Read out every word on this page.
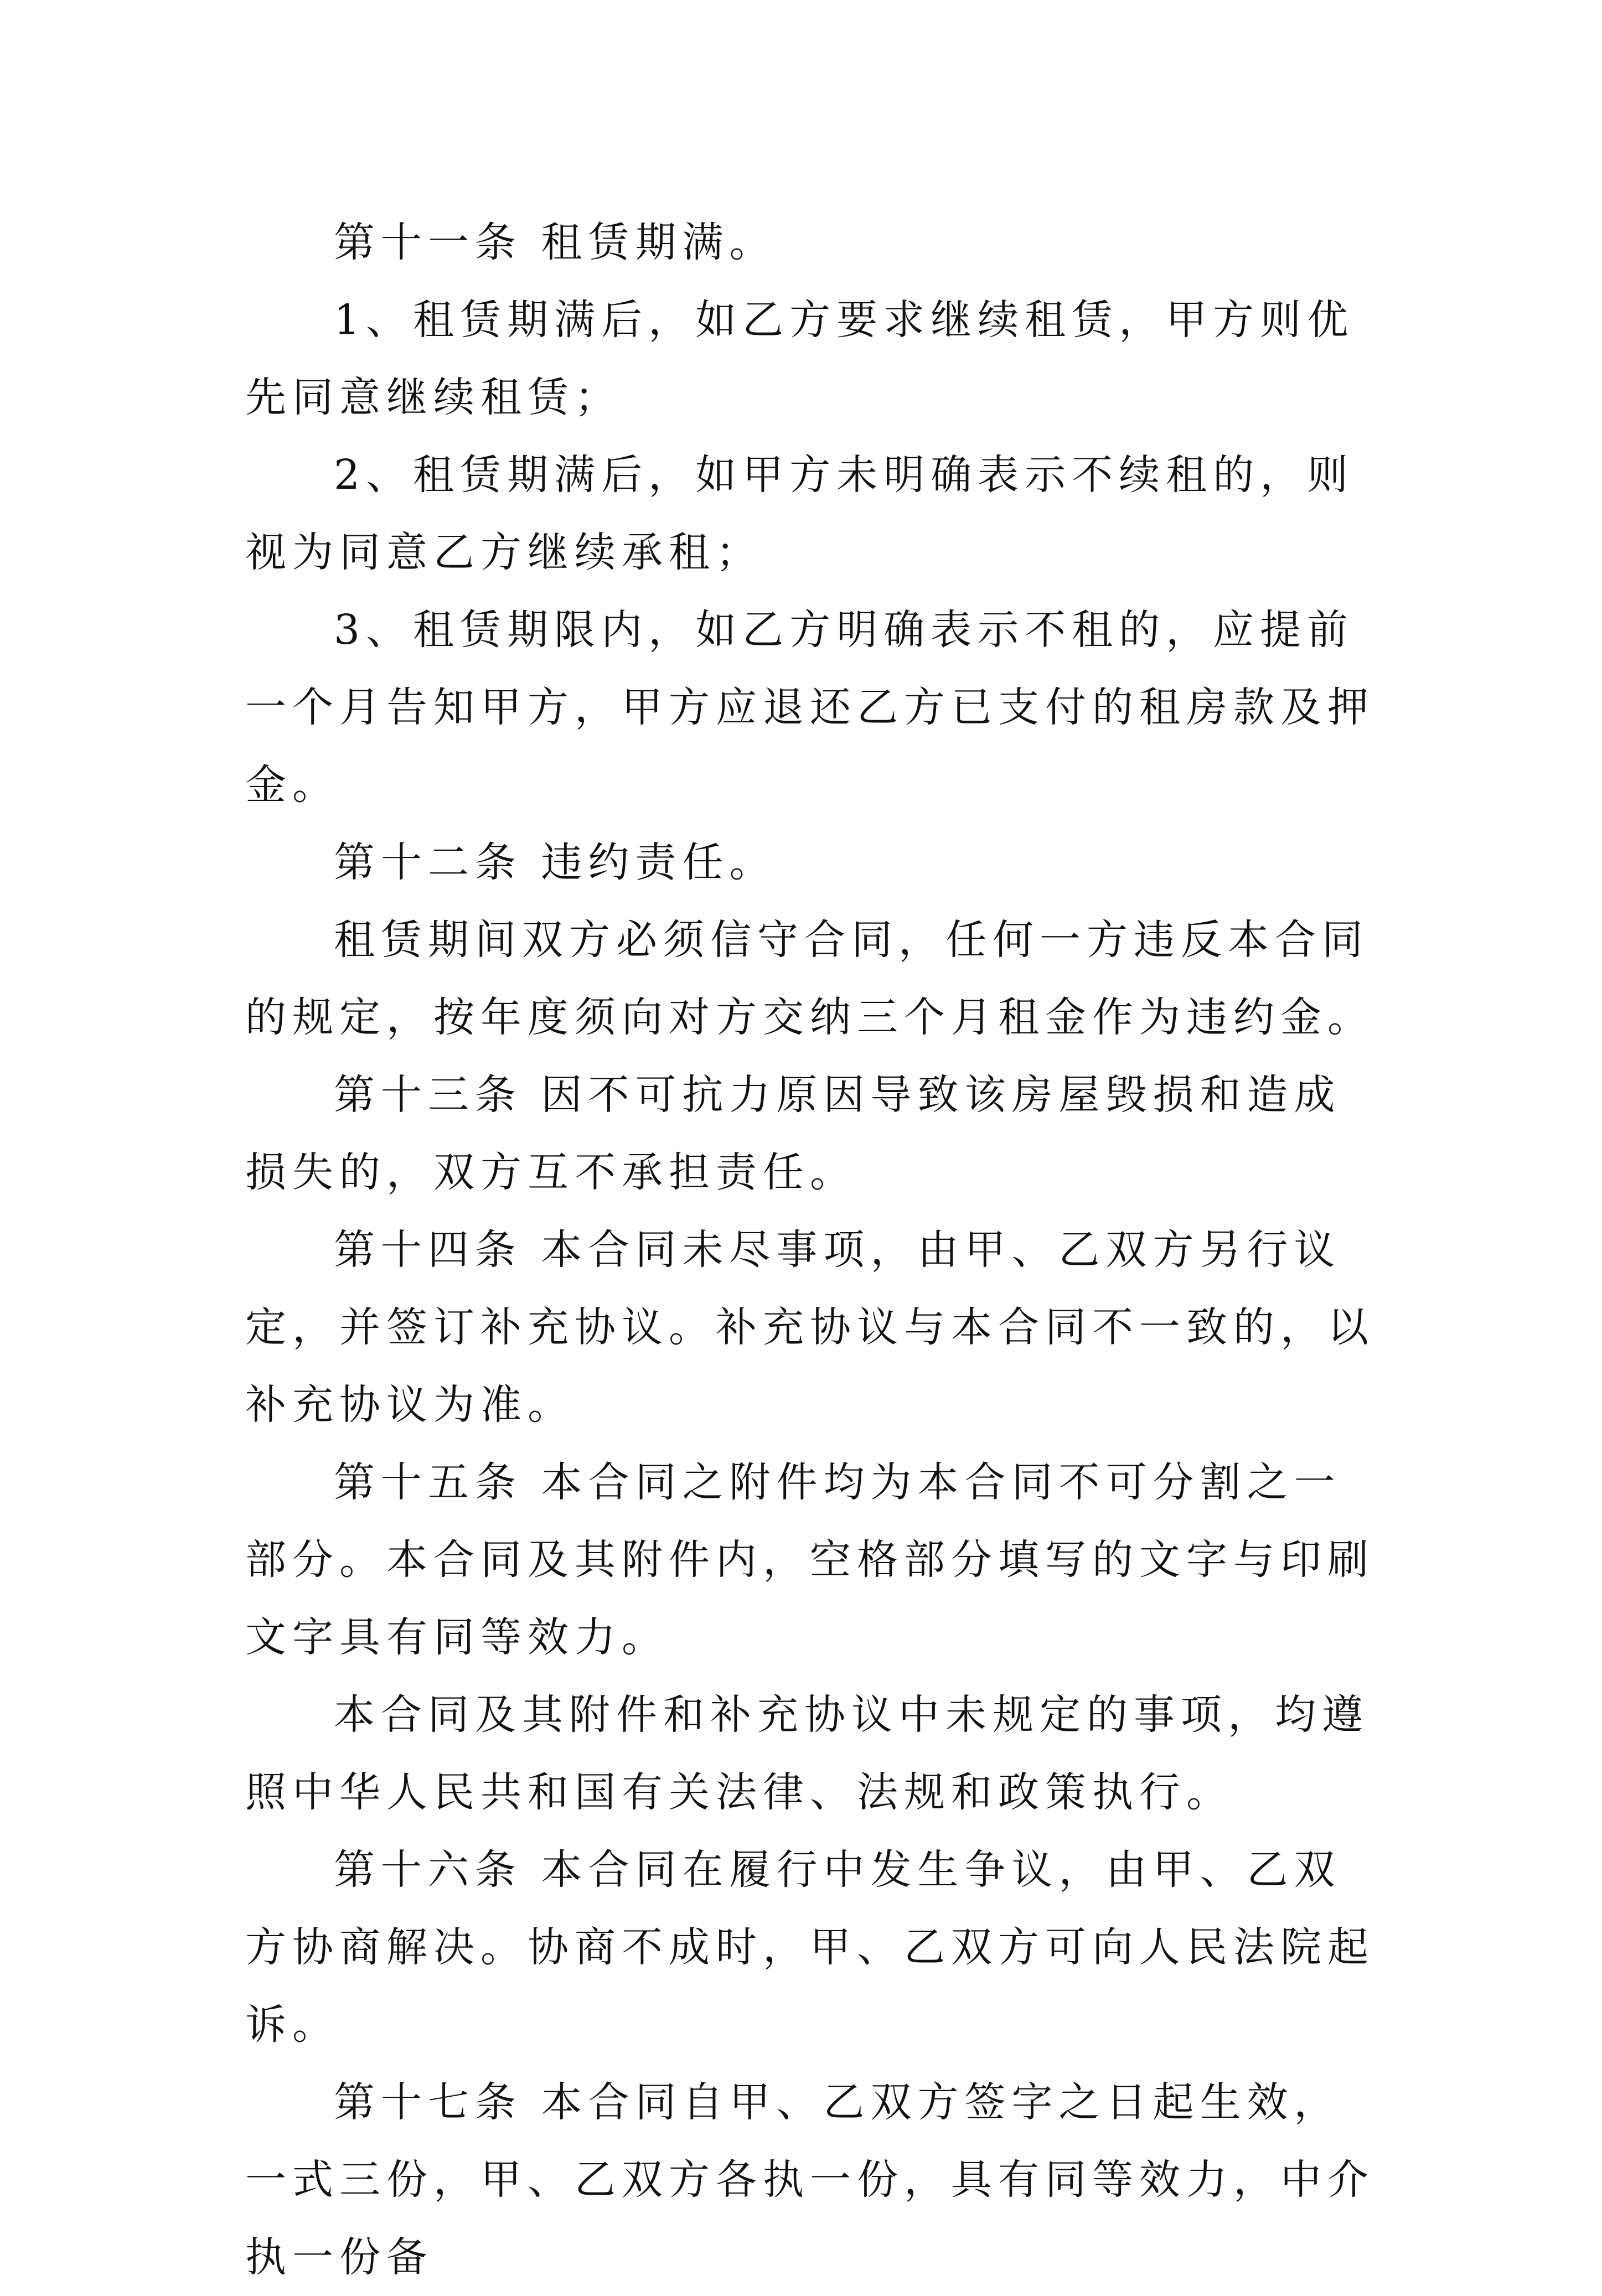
第十一条 租赁期满。

1、租赁期满后，如乙方要求继续租赁，甲方则优先同意继续租赁；

2、租赁期满后，如甲方未明确表示不续租的，则视为同意乙方继续承租；

3、租赁期限内，如乙方明确表示不租的，应提前一个月告知甲方，甲方应退还乙方已支付的租房款及押金。

第十二条 违约责任。

租赁期间双方必须信守合同，任何一方违反本合同的规定，按年度须向对方交纳三个月租金作为违约金。

第十三条 因不可抗力原因导致该房屋毁损和造成损失的，双方互不承担责任。

第十四条 本合同未尽事项，由甲、乙双方另行议定，并签订补充协议。补充协议与本合同不一致的，以补充协议为准。

第十五条 本合同之附件均为本合同不可分割之一部分。本合同及其附件内，空格部分填写的文字与印刷文字具有同等效力。

本合同及其附件和补充协议中未规定的事项，均遵照中华人民共和国有关法律、法规和政策执行。

第十六条 本合同在履行中发生争议，由甲、乙双方协商解决。协商不成时，甲、乙双方可向人民法院起诉。

第十七条 本合同自甲、乙双方签字之日起生效，一式三份，甲、乙双方各执一份，具有同等效力，中介执一份备
